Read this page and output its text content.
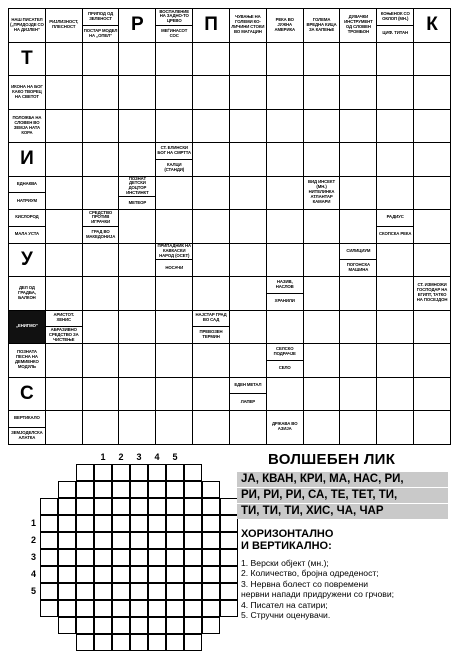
НАШ ПИСАТЕЛ („ПРИДОЈДЕ СО НА ДИЈЛЕН“
РИЈЛИЗНОСТ, ПЛЕСНОСТ
ПРИПОД ОД ЗЕЛЕНОСТ
ПОСТАР МОДЕЛ НА „ОПЕЛ“ Р
ВОСПАЛЕНИЕ НА ЗАДНО-ТО ЦРЕВО
МЕЃИНАСОТ СОС	П	ЧУВАЊЕ НА ГОЛЕМИ КО-ЛИЧИНИ СТОКИ ВО МАГАЦИН
РЕКА ВО ЈУЖНА АМЕРИКА
ГОЛЕМА ВРЕДНА КИЦА ЗА КАПЕЊЕ
ДУВАЧКИ ИНСТРУМЕНТ ОД СЛОВЕН ТРОМБОН
КОЊЕНОК СО ОКЛОП (МН.)
ЦИФ. ТИТАН К
Т
ИКОНА НА БОГ КАКО ТВОРЕЦ НА СВЕТОТ
ПОЛОЖБА НА СЛОВЕН ВО ЗЕМЈА НАТА КОРА
И
СТ. ЕЛИНСКИ БОГ НА СМРТТА
КАЛЦИ (СТАНДИ)
ЕДНАКВА
НАТРИУМ
ПОЗНАТ ДЕТСКИ ДОЦТОР ИНСТИНКТ
МЕТЕОР
ВИД ИНСЕКТ (МН.) НИТЕЛИНКА АТЛАНТАР КАМАРИ
КИСЛОРОД
МАЛА УСТА
СРЕДСТВО ПРОТИВ ИГРАЧКИ
ГРАД ВО МАКЕДОНИЈА
РАДИУС
СКОПСКА РЕКА
У
ПРИПАДНИК НА КАВКАСКИ НАРОД (ОСЕТ)
НОСАЧИ
СИЛИЦИУМ
ПОГОНСКА МАШИНА
ДЕЛ ОД ГРАДБА, БАЛКОН
НАЗИВ, НАСЛОВ
ХРАНИЛИ
СТ. ИЗМНОЖИ ГОСПОДАР НА ЕГИПТ, ТАТКО НА ПОСЕЈДОН
„ЕНИГМО“
АРИСТОТ. ХЕНИС
АБРАЗИВНО СРЕДСТВО ЗА ЧИСТЕЊЕ
НАЈСТАР ГРАД ВО САД
ПРЕВОЗЕН ТЕРМИН
ПОЗНАТА ПЕСНА НА ДЕМИЕНКО МОДУЛЬ
СЕЛСКО ПОДРАЧЈЕ
СЕЛО
С	ЕДЕН МЕТАЛ
ЛАПЕР
ВЕРТИКАЛО
ЗЕМЈОДЕЛСКА АЛАТКА
ДРЖАВА ВО АЗИЈА
1	2	3	4	5
1
2
3
4
5
ВОЛШЕБЕН ЛИК
ЈА, КВАН, КРИ, МА, НАС, РИ,
РИ, РИ, РИ, СА, ТЕ, ТЕТ, ТИ,
ТИ, ТИ, ТИ, ХИС, ЧА, ЧАР
ХОРИЗОНТАЛНО
И ВЕРТИКАЛНО:
1. Верски објект (мн.);
2. Количество, бројна одреденост;
3. Нервна болест со повремени
нервни напади придружени со грчови;
4. Писател на сатири;
5. Стручни оценувачи.
